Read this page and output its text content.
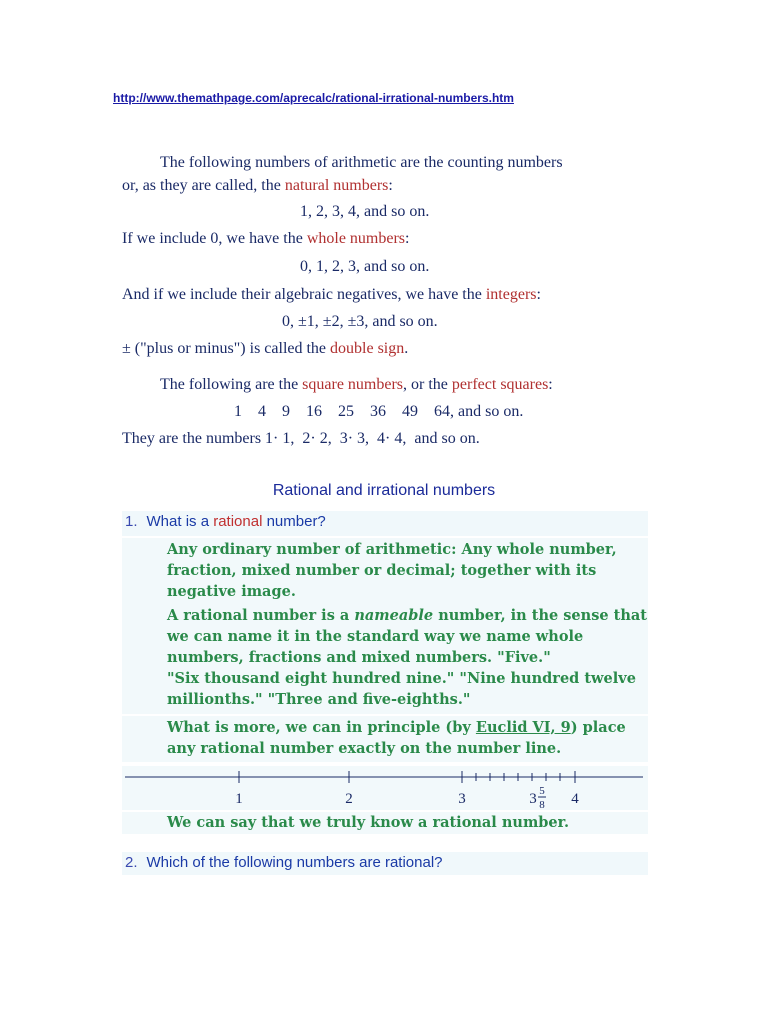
http://www.themathpage.com/aprecalc/rational-irrational-numbers.htm
The following numbers of arithmetic are the counting numbers
or, as they are called, the natural numbers:
1, 2, 3, 4, and so on.
If we include 0, we have the whole numbers:
0, 1, 2, 3, and so on.
And if we include their algebraic negatives, we have the integers:
0, ±1, ±2, ±3, and so on.
± ("plus or minus") is called the double sign.
The following are the square numbers, or the perfect squares:
1    4    9    16    25    36    49    64, and so on.
They are the numbers 1· 1,  2· 2,  3· 3,  4· 4,  and so on.
Rational and irrational numbers
1. What is a rational number?
Any ordinary number of arithmetic: Any whole number,
fraction, mixed number or decimal; together with its
negative image.
A rational number is a nameable number, in the sense that
we can name it in the standard way we name whole
numbers, fractions and mixed numbers. "Five."
"Six thousand eight hundred nine." "Nine hundred twelve
millionths." "Three and five-eighths."
What is more, we can in principle (by Euclid VI, 9) place
any rational number exactly on the number line.
1	2	3	4
3 5
8
We can say that we truly know a rational number.
2. Which of the following numbers are rational?
